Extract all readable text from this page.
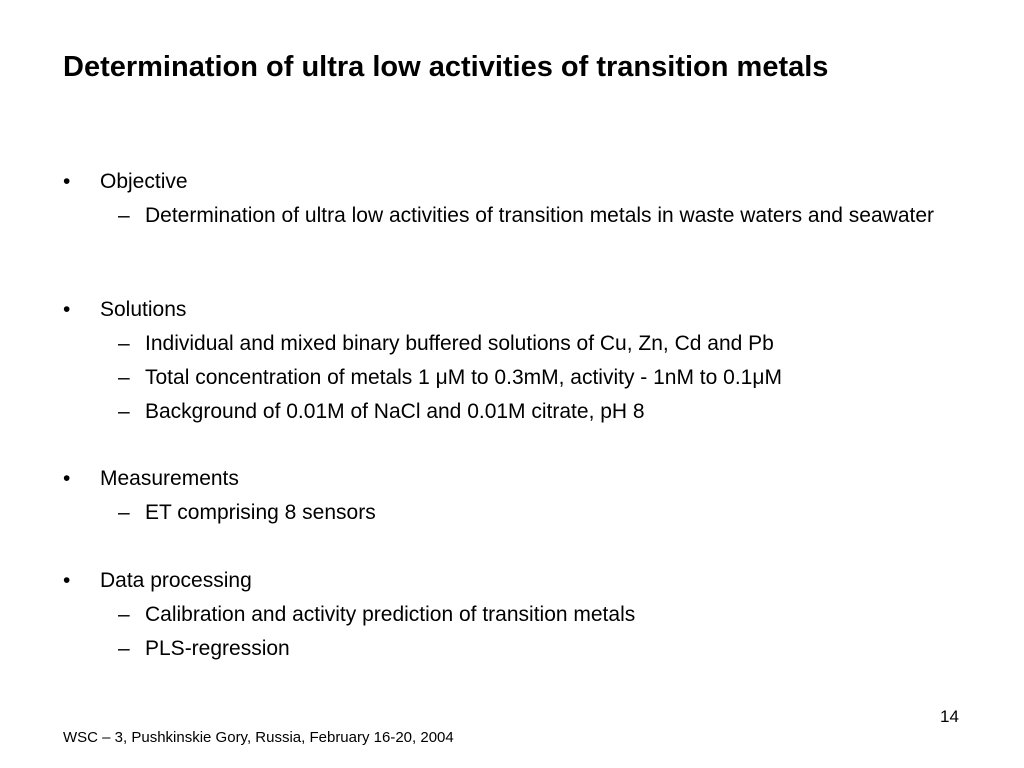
Determination of ultra low activities of transition metals
• Objective
– Determination of ultra low activities of transition metals in waste waters and seawater
• Solutions
– Individual and mixed binary buffered solutions of Cu, Zn, Cd and Pb
– Total concentration of metals 1 μM to 0.3mM, activity - 1nM to 0.1μM
– Background of 0.01M of NaCl and 0.01M citrate, pH 8
• Measurements
– ET comprising 8 sensors
• Data processing
– Calibration and activity prediction of transition metals
– PLS-regression
14
WSC – 3, Pushkinskie Gory, Russia, February 16-20, 2004
